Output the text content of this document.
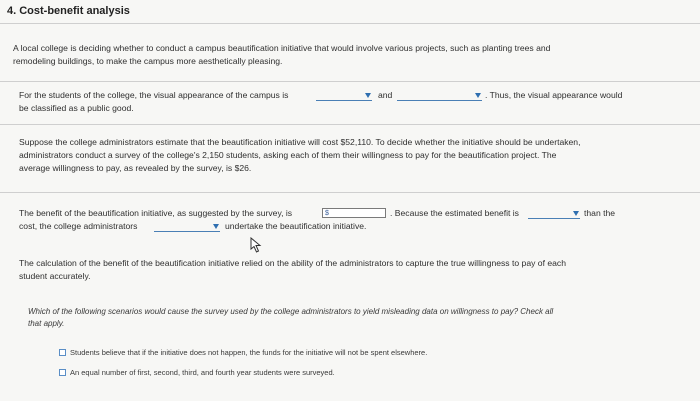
4. Cost-benefit analysis
A local college is deciding whether to conduct a campus beautification initiative that would involve various projects, such as planting trees and
remodeling buildings, to make the campus more aesthetically pleasing.
For the students of the college, the visual appearance of the campus is	and	. Thus, the visual appearance would
be classified as a public good.
Suppose the college administrators estimate that the beautification initiative will cost $52,110. To decide whether the initiative should be undertaken,
administrators conduct a survey of the college's 2,150 students, asking each of them their willingness to pay for the beautification project. The
average willingness to pay, as revealed by the survey, is $26.
The benefit of the beautification initiative, as suggested by the survey, is	$	. Because the estimated benefit is	than the
cost, the college administrators	undertake the beautification initiative.
The calculation of the benefit of the beautification initiative relied on the ability of the administrators to capture the true willingness to pay of each
student accurately.
Which of the following scenarios would cause the survey used by the college administrators to yield misleading data on willingness to pay? Check all
that apply.
Students believe that if the initiative does not happen, the funds for the initiative will not be spent elsewhere.
An equal number of first, second, third, and fourth year students were surveyed.
